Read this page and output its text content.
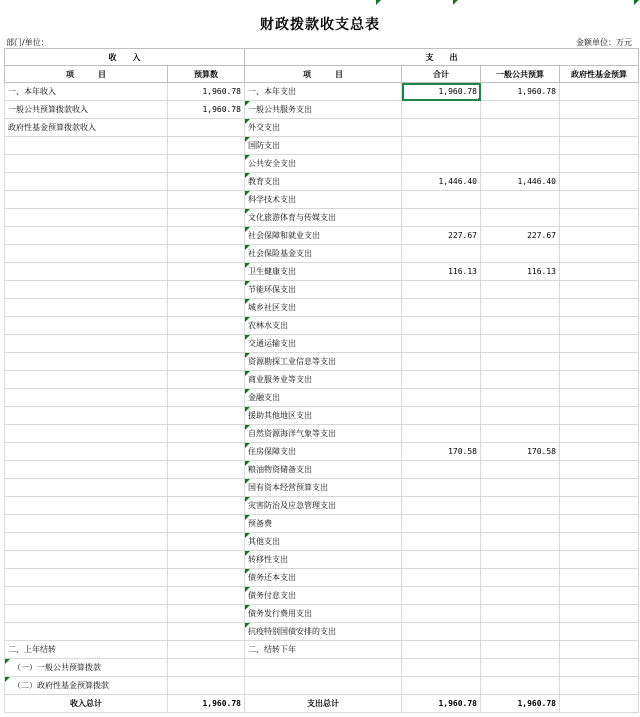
财政拨款收支总表
部门/单位：	金额单位：万元
收　　入		支　　出			
项　　　目	预算数	项　　　目	合计	一般公共预算	政府性基金预算
一、本年收入	1,960.78	一、本年支出	1,960.78	1,960.78	
一般公共预算拨款收入	1,960.78	一般公共服务支出			
政府性基金预算拨款收入		外交支出			
		国防支出			
		公共安全支出			
		教育支出	1,446.40	1,446.40	
		科学技术支出			
		文化旅游体育与传媒支出			
		社会保障和就业支出	227.67	227.67	
		社会保险基金支出			
		卫生健康支出	116.13	116.13	
		节能环保支出			
		城乡社区支出			
		农林水支出			
		交通运输支出			
		资源勘探工业信息等支出			
		商业服务业等支出			
		金融支出			
		援助其他地区支出			
		自然资源海洋气象等支出			
		住房保障支出	170.58	170.58	
		粮油物资储备支出			
		国有资本经营预算支出			
		灾害防治及应急管理支出			
		预备费			
		其他支出			
		转移性支出			
		债务还本支出			
		债务付息支出			
		债务发行费用支出			
		抗疫特别国债安排的支出			
二、上年结转		二、结转下年			
（一）一般公共预算拨款					
（二）政府性基金预算拨款					
收入总计	1,960.78	支出总计	1,960.78	1,960.78	
